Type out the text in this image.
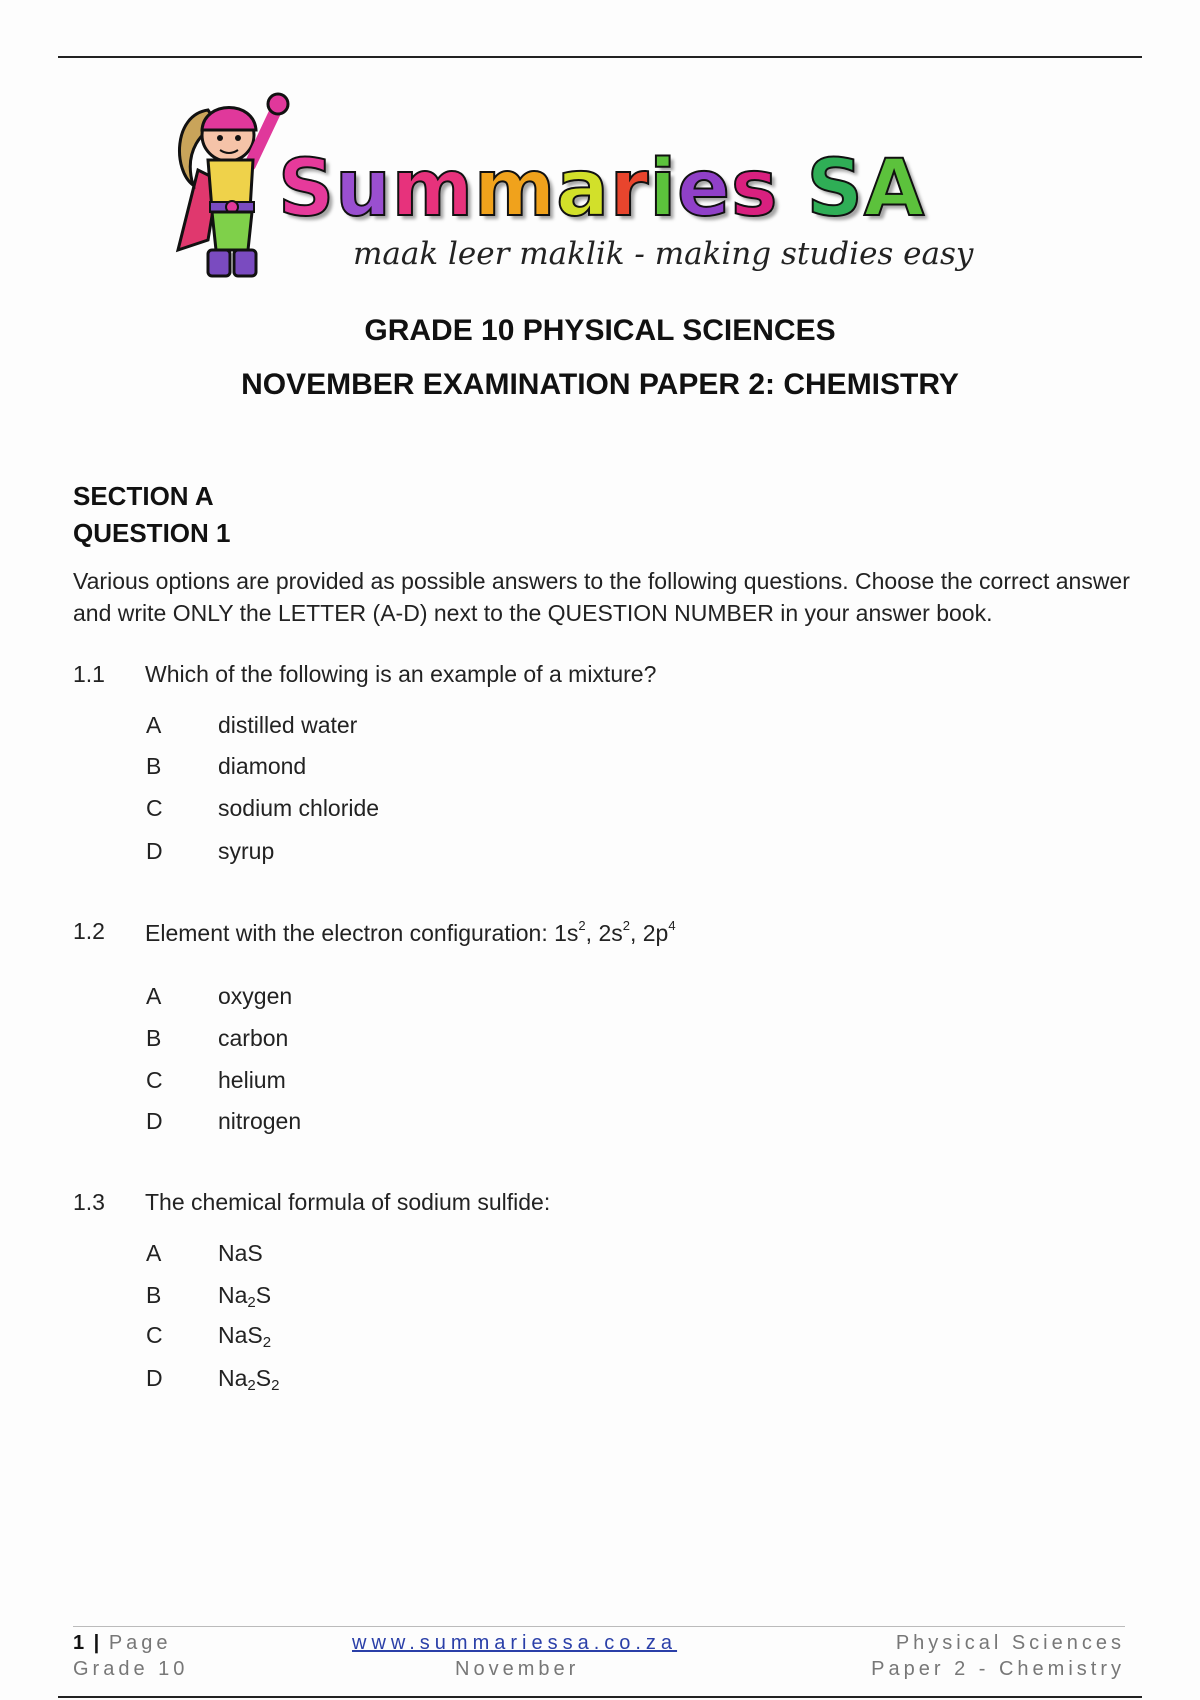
Summaries SA
maak leer maklik - making studies easy
GRADE 10 PHYSICAL SCIENCES
NOVEMBER EXAMINATION PAPER 2: CHEMISTRY
SECTION A
QUESTION 1
Various options are provided as possible answers to the following questions. Choose the correct answer and write ONLY the LETTER (A-D) next to the QUESTION NUMBER in your answer book.
1.1 Which of the following is an example of a mixture?
A distilled water
B diamond
C sodium chloride
D syrup
1.2 Element with the electron configuration: $1s^2$, $2s^2$, $2p^4$
A oxygen
B carbon
C helium
D nitrogen
1.3 The chemical formula of sodium sulfide:
A NaS
B $Na_2S$
C NaS$_2$
D $Na_2S_2$
1 | Page
Grade 10
www.summariessa.co.za
November
Physical Sciences
Paper 2 - Chemistry
